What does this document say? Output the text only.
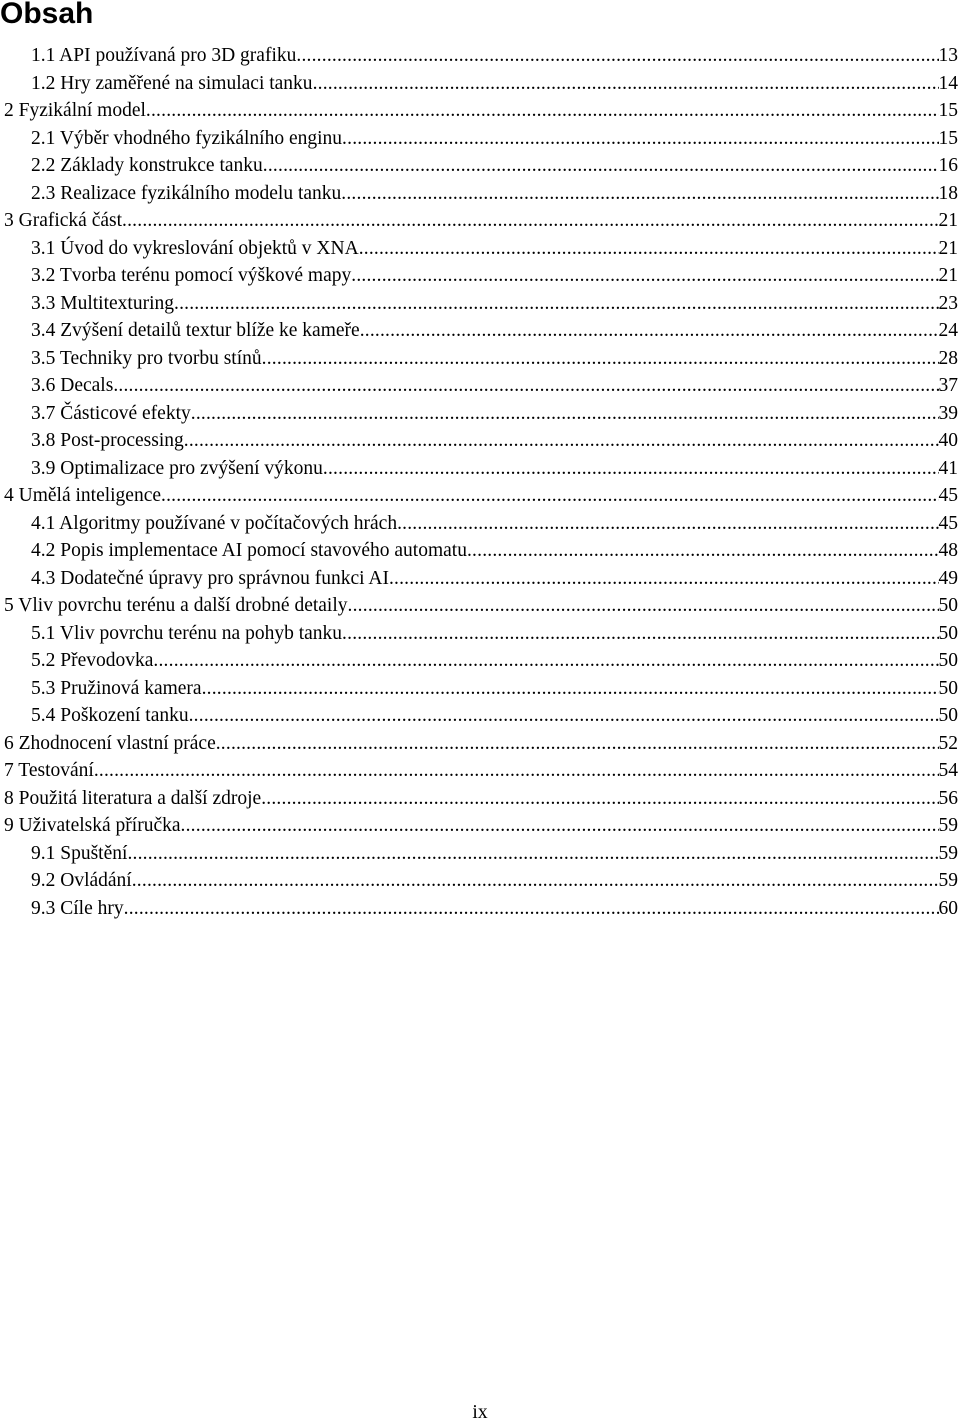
Obsah
1.1 API používaná pro 3D grafiku .....	13
1.2 Hry zaměřené na simulaci tanku .....	14
2 Fyzikální model .....	15
2.1 Výběr vhodného fyzikálního enginu .....	15
2.2 Základy konstrukce tanku .....	16
2.3 Realizace fyzikálního modelu tanku .....	18
3 Grafická část .....	21
3.1 Úvod do vykreslování objektů v XNA .....	21
3.2 Tvorba terénu pomocí výškové mapy .....	21
3.3 Multitexturing .....	23
3.4 Zvýšení detailů textur blíže ke kameře .....	24
3.5 Techniky pro tvorbu stínů .....	28
3.6 Decals .....	37
3.7 Částicové efekty .....	39
3.8 Post-processing .....	40
3.9 Optimalizace pro zvýšení výkonu .....	41
4 Umělá inteligence .....	45
4.1 Algoritmy používané v počítačových hrách .....	45
4.2 Popis implementace AI pomocí stavového automatu .....	48
4.3 Dodatečné úpravy pro správnou funkci AI .....	49
5 Vliv povrchu terénu a další drobné detaily .....	50
5.1 Vliv povrchu terénu na pohyb tanku .....	50
5.2 Převodovka .....	50
5.3 Pružinová kamera .....	50
5.4 Poškození tanku .....	50
6 Zhodnocení vlastní práce .....	52
7 Testování .....	54
8 Použitá literatura a další zdroje .....	56
9 Uživatelská příručka .....	59
9.1 Spuštění .....	59
9.2 Ovládání .....	59
9.3 Cíle hry .....	60
ix
